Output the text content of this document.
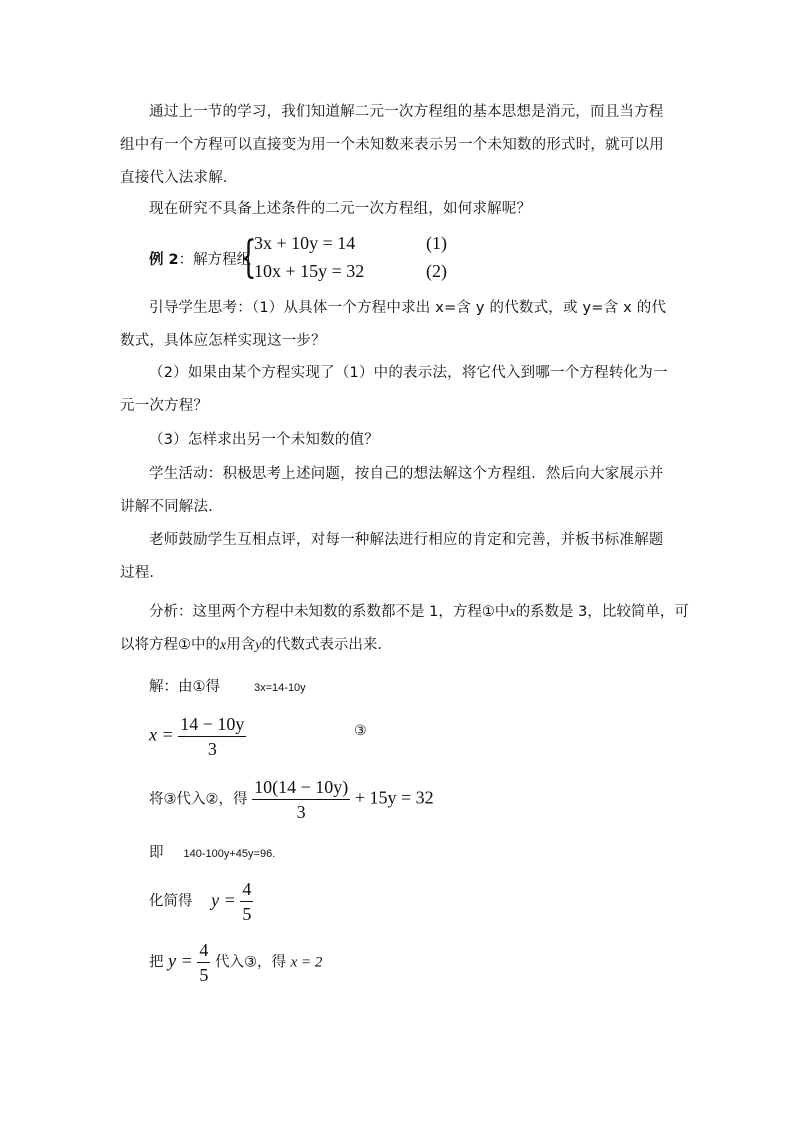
通过上一节的学习，我们知道解二元一次方程组的基本思想是消元，而且当方程组中有一个方程可以直接变为用一个未知数来表示另一个未知数的形式时，就可以用直接代入法求解．

现在研究不具备上述条件的二元一次方程组，如何求解呢？

例 2：解方程组
{
3x + 10y = 14	(1)
10x + 15y = 32	(2)

引导学生思考：（1）从具体一个方程中求出 x=含 y 的代数式，或 y=含 x 的代数式，具体应怎样实现这一步？

（2）如果由某个方程实现了（1）中的表示法，将它代入到哪一个方程转化为一元一次方程？

（3）怎样求出另一个未知数的值？

学生活动：积极思考上述问题，按自己的想法解这个方程组．然后向大家展示并讲解不同解法．

老师鼓励学生互相点评，对每一种解法进行相应的肯定和完善，并板书标准解题过程．

分析：这里两个方程中未知数的系数都不是 1，方程①中x的系数是 3，比较简单，可
以将方程①中的x用含y的代数式表示出来．
解：由①得	3x=14-10y
$x = \frac{14 - 10y}{3}$	③
将③代入②，得 $\frac{10(14 - 10y)}{3} + 15y = 32$
即 140-100y+45y=96.
化简得 $y = \frac{4}{5}$
把 $y = \frac{4}{5}$ 代入③，得 x = 2
